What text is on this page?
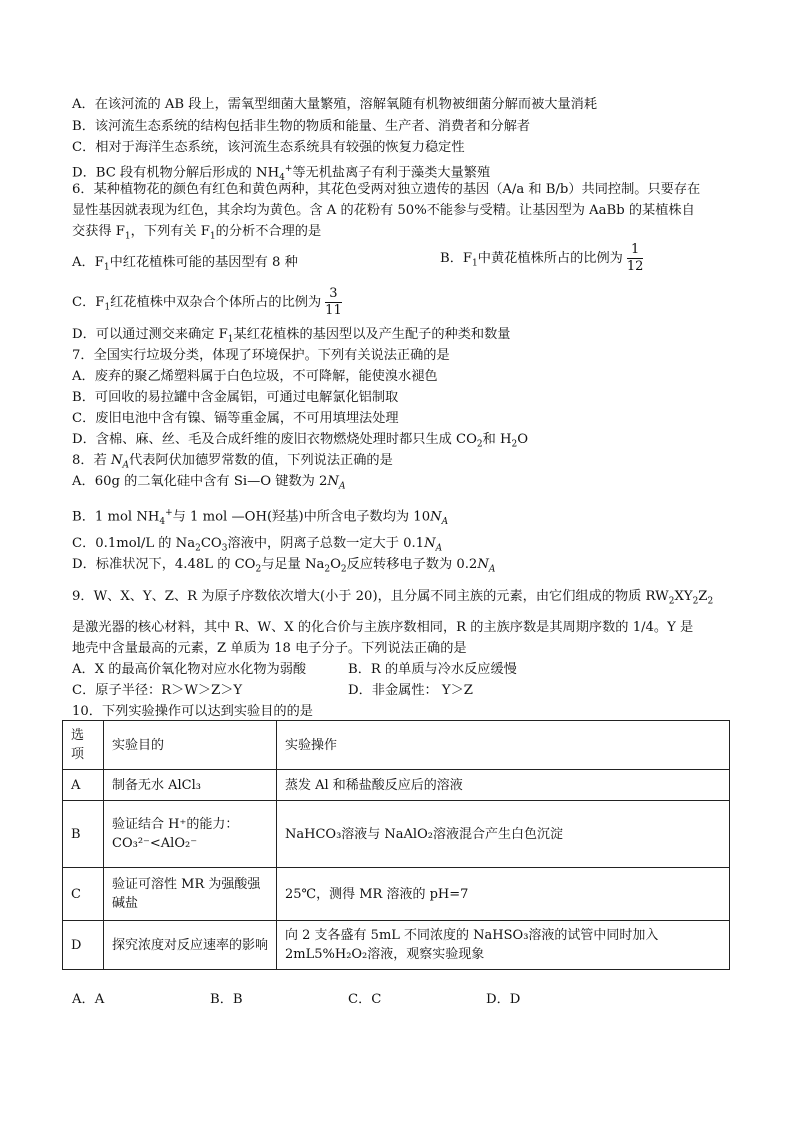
A．在该河流的 AB 段上，需氧型细菌大量繁殖，溶解氧随有机物被细菌分解而被大量消耗
B．该河流生态系统的结构包括非生物的物质和能量、生产者、消费者和分解者
C．相对于海洋生态系统，该河流生态系统具有较强的恢复力稳定性
D．BC 段有机物分解后形成的 $NH_4^+$等无机盐离子有利于藻类大量繁殖
6．某种植物花的颜色有红色和黄色两种，其花色受两对独立遗传的基因（A/a 和 B/b）共同控制。只要存在
显性基因就表现为红色，其余均为黄色。含 A 的花粉有 50%不能参与受精。让基因型为 AaBb 的某植株自
交获得 $F_1$，下列有关 $F_1$的分析不合理的是
A．$F_1$中红花植株可能的基因型有 8 种	B．$F_1$中黄花植株所占的比例为 $\frac{1}{12}$
C．$F_1$红花植株中双杂合个体所占的比例为 $\frac{3}{11}$
D．可以通过测交来确定 $F_1$某红花植株的基因型以及产生配子的种类和数量
7．全国实行垃圾分类，体现了环境保护。下列有关说法正确的是
A．废弃的聚乙烯塑料属于白色垃圾，不可降解，能使溴水褪色
B．可回收的易拉罐中含金属铝，可通过电解氯化铝制取
C．废旧电池中含有镍、镉等重金属，不可用填埋法处理
D．含棉、麻、丝、毛及合成纤维的废旧衣物燃烧处理时都只生成 $CO_2$和 $H_2O$
8．若 $N_A$代表阿伏加德罗常数的值，下列说法正确的是
A．60g 的二氧化硅中含有 Si—O 键数为 $2N_A$
B．1 mol $NH_4^+$与 1 mol —OH(羟基)中所含电子数均为 $10N_A$
C．0.1mol/L 的 $Na_2CO_3$溶液中，阴离子总数一定大于 $0.1N_A$
D．标准状况下，4.48L 的 $CO_2$与足量 $Na_2O_2$反应转移电子数为 $0.2N_A$
9．W、X、Y、Z、R 为原子序数依次增大(小于 20)，且分属不同主族的元素，由它们组成的物质 $RW_2XY_2Z_2$
是激光器的核心材料，其中 R、W、X 的化合价与主族序数相同，R 的主族序数是其周期序数的 1/4。Y 是
地壳中含量最高的元素，Z 单质为 18 电子分子。下列说法正确的是
A．X 的最高价氧化物对应水化物为弱酸	B．R 的单质与冷水反应缓慢
C．原子半径：R＞W＞Z＞Y	D．非金属性： Y＞Z
10．下列实验操作可以达到实验目的的是
选项	实验目的	实验操作
A	制备无水 AlCl₃	蒸发 Al 和稀盐酸反应后的溶液
B	验证结合 H⁺的能力：CO₃²⁻<AlO₂⁻	NaHCO₃溶液与 NaAlO₂溶液混合产生白色沉淀
C	验证可溶性 MR 为强酸强碱盐	25℃，测得 MR 溶液的 pH=7
D	探究浓度对反应速率的影响	向 2 支各盛有 5mL 不同浓度的 NaHSO₃溶液的试管中同时加入 2mL5%H₂O₂溶液，观察实验现象
A．A	B．B	C．C	D．D
